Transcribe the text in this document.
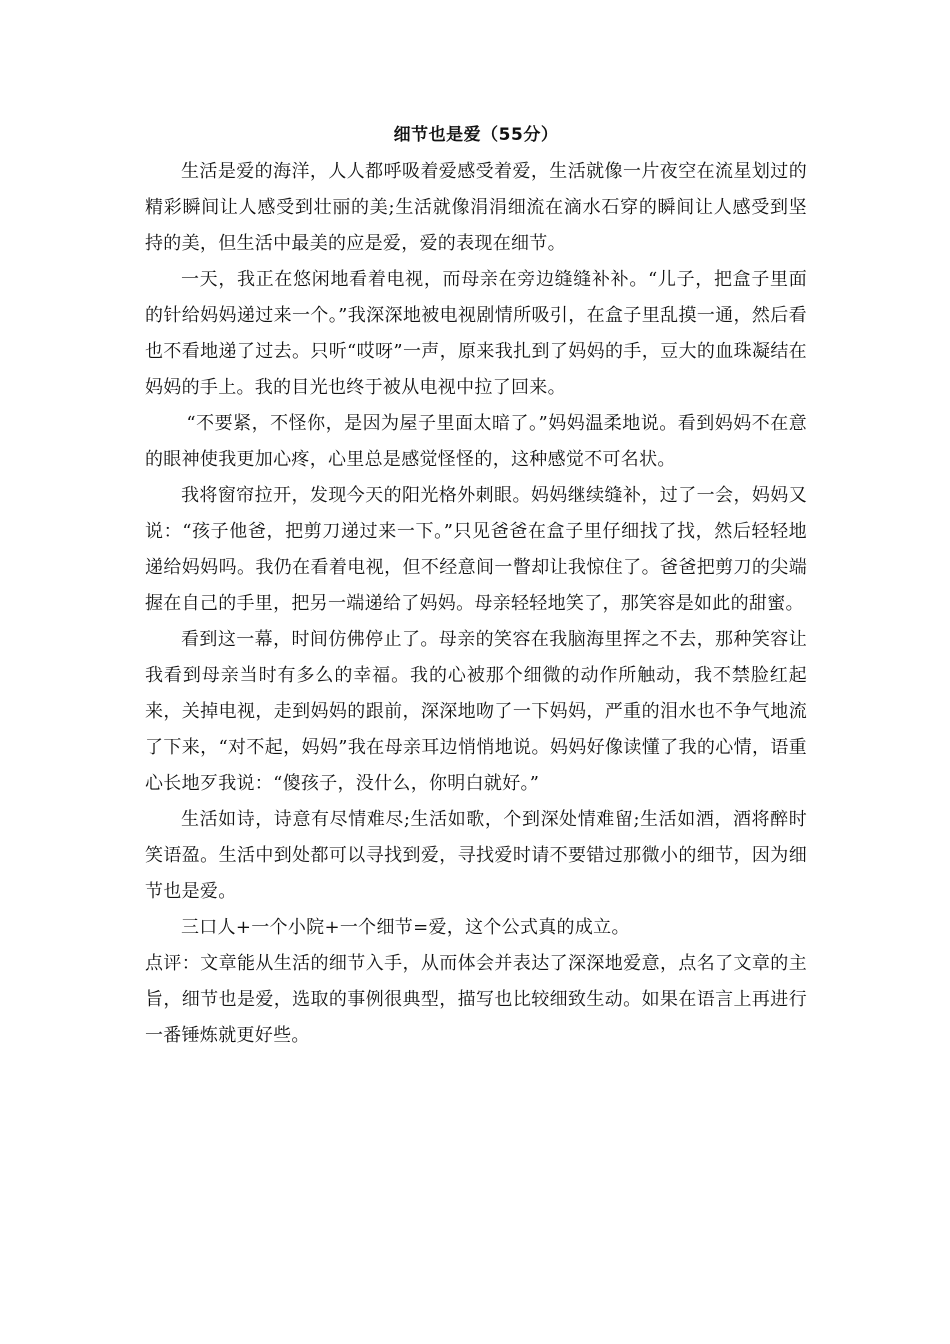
细节也是爱（55分）

生活是爱的海洋，人人都呼吸着爱感受着爱，生活就像一片夜空在流星划过的精彩瞬间让人感受到壮丽的美;生活就像涓涓细流在滴水石穿的瞬间让人感受到坚持的美，但生活中最美的应是爱，爱的表现在细节。

一天，我正在悠闲地看着电视，而母亲在旁边缝缝补补。“儿子，把盒子里面的针给妈妈递过来一个。”我深深地被电视剧情所吸引，在盒子里乱摸一通，然后看也不看地递了过去。只听“哎呀”一声，原来我扎到了妈妈的手，豆大的血珠凝结在妈妈的手上。我的目光也终于被从电视中拉了回来。

“不要紧，不怪你，是因为屋子里面太暗了。”妈妈温柔地说。看到妈妈不在意的眼神使我更加心疼，心里总是感觉怪怪的，这种感觉不可名状。

我将窗帘拉开，发现今天的阳光格外刺眼。妈妈继续缝补，过了一会，妈妈又说：“孩子他爸，把剪刀递过来一下。”只见爸爸在盒子里仔细找了找，然后轻轻地递给妈妈吗。我仍在看着电视，但不经意间一瞥却让我惊住了。爸爸把剪刀的尖端握在自己的手里，把另一端递给了妈妈。母亲轻轻地笑了，那笑容是如此的甜蜜。

看到这一幕，时间仿佛停止了。母亲的笑容在我脑海里挥之不去，那种笑容让我看到母亲当时有多么的幸福。我的心被那个细微的动作所触动，我不禁脸红起来，关掉电视，走到妈妈的跟前，深深地吻了一下妈妈，严重的泪水也不争气地流了下来，“对不起，妈妈”我在母亲耳边悄悄地说。妈妈好像读懂了我的心情，语重心长地歹我说：“傻孩子，没什么，你明白就好。”

生活如诗，诗意有尽情难尽;生活如歌，个到深处情难留;生活如酒，酒将醉时笑语盈。生活中到处都可以寻找到爱，寻找爱时请不要错过那微小的细节，因为细节也是爱。

三口人+一个小院+一个细节=爱，这个公式真的成立。

点评：文章能从生活的细节入手，从而体会并表达了深深地爱意，点名了文章的主旨，细节也是爱，选取的事例很典型，描写也比较细致生动。如果在语言上再进行一番锤炼就更好些。
